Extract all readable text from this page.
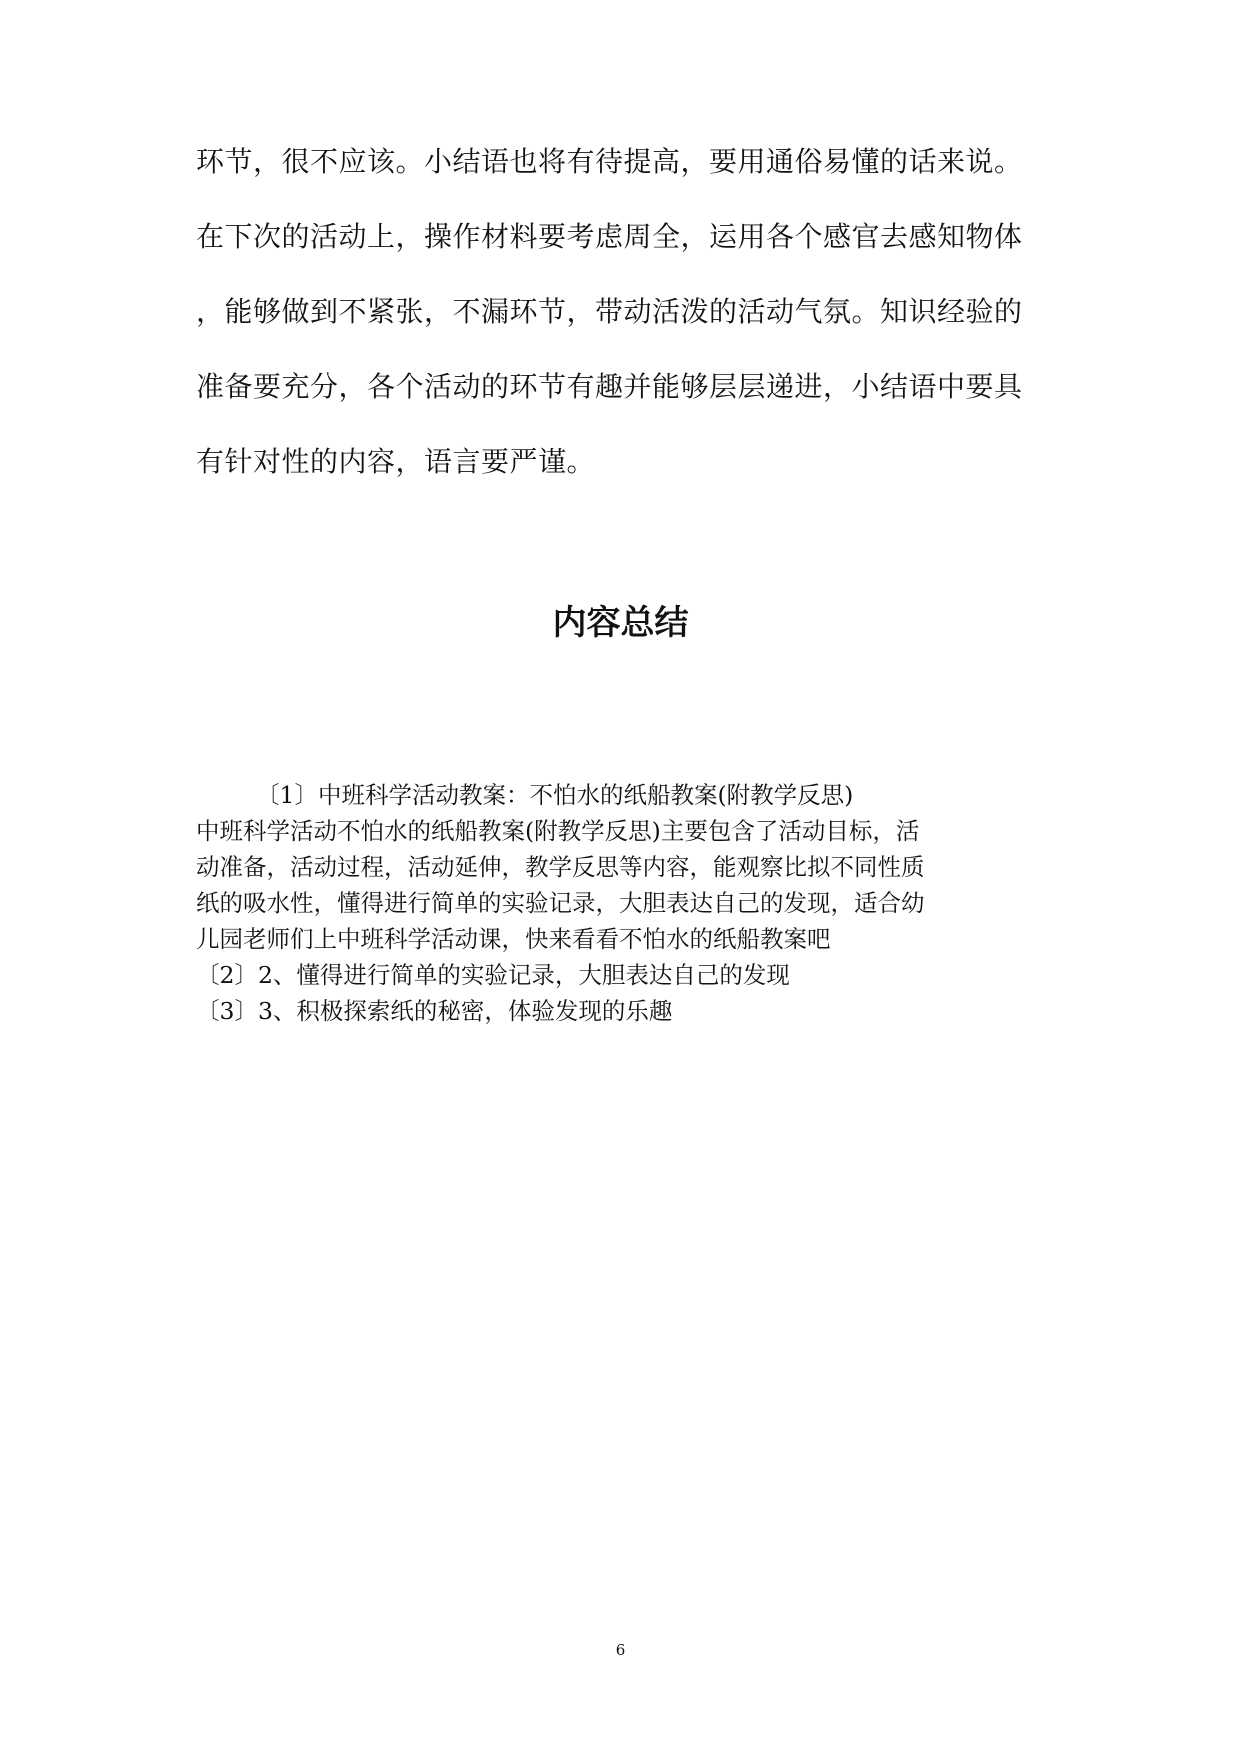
环节，很不应该。小结语也将有待提高，要用通俗易懂的话来说。
在下次的活动上，操作材料要考虑周全，运用各个感官去感知物体
，能够做到不紧张，不漏环节，带动活泼的活动气氛。知识经验的
准备要充分，各个活动的环节有趣并能够层层递进，小结语中要具
有针对性的内容，语言要严谨。
内容总结
〔1〕中班科学活动教案：不怕水的纸船教案(附教学反思)
中班科学活动不怕水的纸船教案(附教学反思)主要包含了活动目标，活
动准备，活动过程，活动延伸，教学反思等内容，能观察比拟不同性质
纸的吸水性，懂得进行简单的实验记录，大胆表达自己的发现，适合幼
儿园老师们上中班科学活动课，快来看看不怕水的纸船教案吧
〔2〕2、懂得进行简单的实验记录，大胆表达自己的发现
〔3〕3、积极探索纸的秘密，体验发现的乐趣
6
